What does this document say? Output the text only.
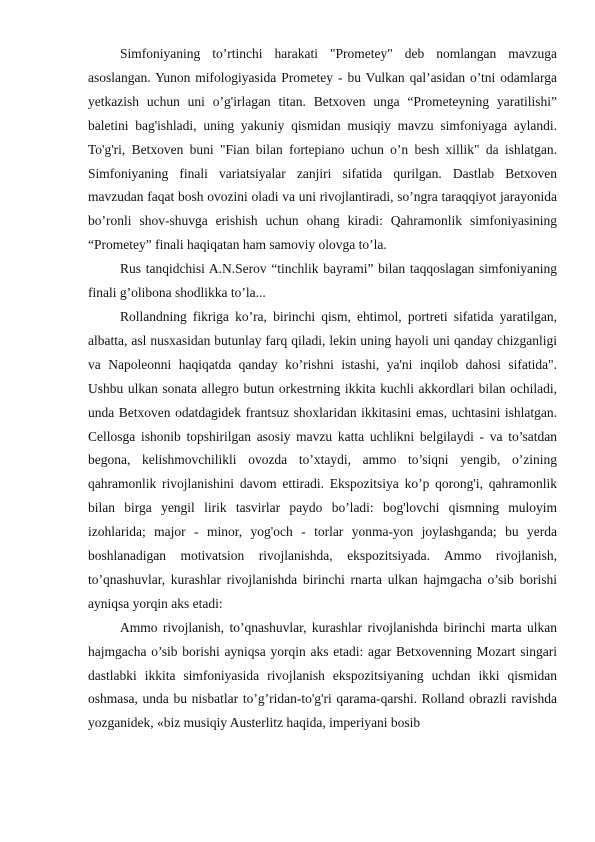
Simfoniyaning to’rtinchi harakati "Prometey" deb nomlangan mavzuga asoslangan. Yunon mifologiyasida Prometey - bu Vulkan qal’asidan o’tni odamlarga yetkazish uchun uni o’g'irlagan titan. Betxoven unga “Prometeyning yaratilishi” baletini bag'ishladi, uning yakuniy qismidan musiqiy mavzu simfoniyaga aylandi. To'g'ri, Betxoven buni "Fian bilan fortepiano uchun o’n besh xillik" da ishlatgan. Simfoniyaning finali variatsiyalar zanjiri sifatida qurilgan. Dastlab Betxoven mavzudan faqat bosh ovozini oladi va uni rivojlantiradi, so’ngra taraqqiyot jarayonida bo’ronli shov-shuvga erishish uchun ohang kiradi: Qahramonlik simfoniyasining “Prometey” finali haqiqatan ham samoviy olovga to’la.

Rus tanqidchisi A.N.Serov “tinchlik bayrami” bilan taqqoslagan simfoniyaning finali g’olibona shodlikka to’la...

Rollandning fikriga ko’ra, birinchi qism, ehtimol, portreti sifatida yaratilgan, albatta, asl nusxasidan butunlay farq qiladi, lekin uning hayoli uni qanday chizganligi va Napoleonni haqiqatda qanday ko’rishni istashi, ya'ni inqilob dahosi sifatida". Ushbu ulkan sonata allegro butun orkestrning ikkita kuchli akkordlari bilan ochiladi, unda Betxoven odatdagidek frantsuz shoxlaridan ikkitasini emas, uchtasini ishlatgan. Cellosga ishonib topshirilgan asosiy mavzu katta uchlikni belgilaydi - va to’satdan begona, kelishmovchilikli ovozda to’xtaydi, ammo to’siqni yengib, o’zining qahramonlik rivojlanishini davom ettiradi. Ekspozitsiya ko’p qorong'i, qahramonlik bilan birga yengil lirik tasvirlar paydo bo’ladi: bog'lovchi qismning muloyim izohlarida; major - minor, yog'och - torlar yonma-yon joylashganda; bu yerda boshlanadigan motivatsion rivojlanishda, ekspozitsiyada. Ammo rivojlanish, to’qnashuvlar, kurashlar rivojlanishda birinchi rnarta ulkan hajmgacha o’sib borishi ayniqsa yorqin aks etadi:

Ammo rivojlanish, to’qnashuvlar, kurashlar rivojlanishda birinchi marta ulkan hajmgacha o’sib borishi ayniqsa yorqin aks etadi: agar Betxovenning Mozart singari dastlabki ikkita simfoniyasida rivojlanish ekspozitsiyaning uchdan ikki qismidan oshmasa, unda bu nisbatlar to’g’ridan-to'g'ri qarama-qarshi. Rolland obrazli ravishda yozganidek, «biz musiqiy Austerlitz haqida, imperiyani bosib
